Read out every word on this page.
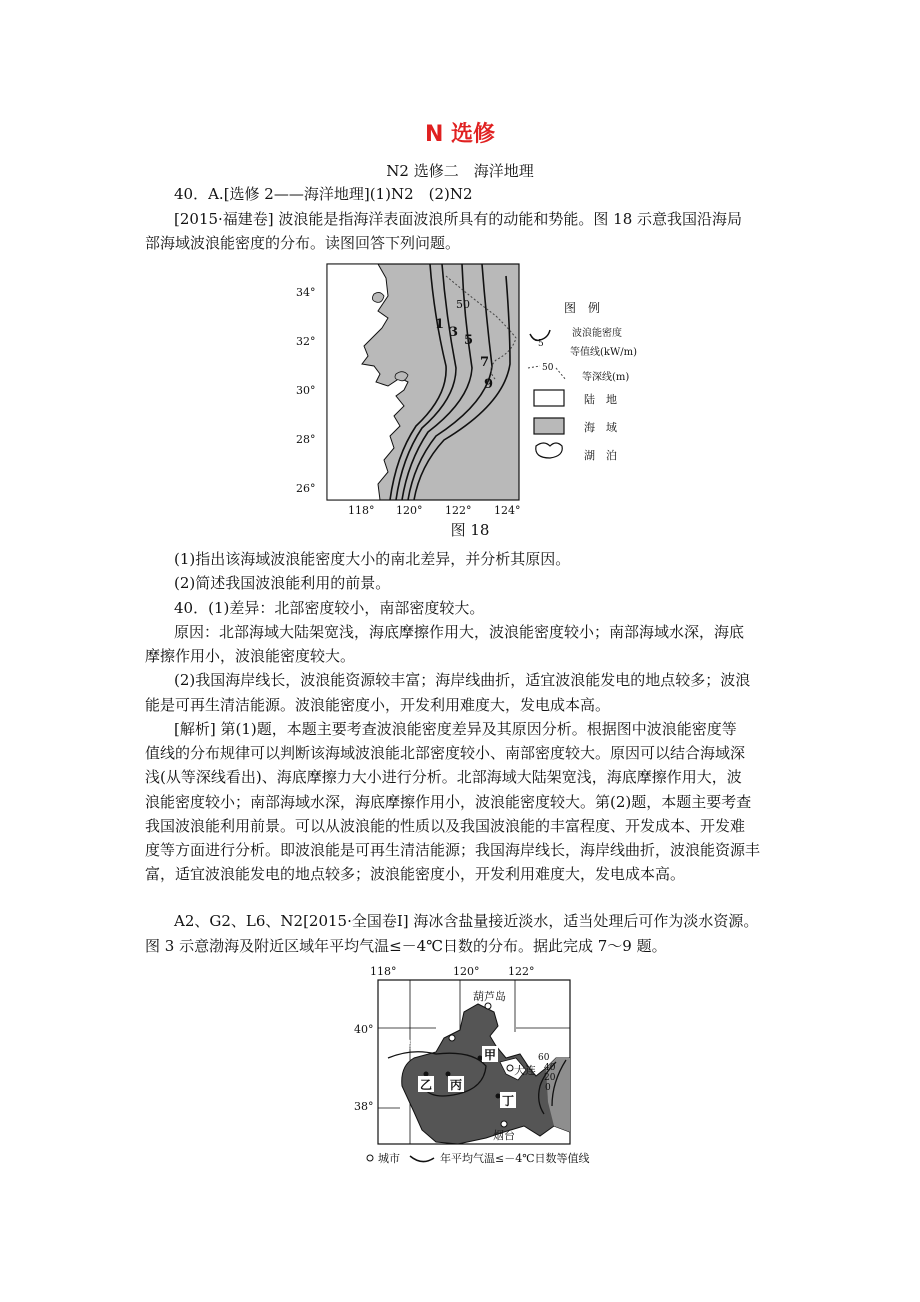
N 选修
N2 选修二　海洋地理
40．A.[选修 2——海洋地理](1)N2　(2)N2
[2015·福建卷] 波浪能是指海洋表面波浪所具有的动能和势能。图 18 示意我国沿海局
部海域波浪能密度的分布。读图回答下列问题。
34°
32°
30°
28°
26°
118° 120° 122° 124°
1
3
5
7
9
50	图　例
5
波浪能密度
等值线(kW/m)
50
等深线(m)
陆　地
海　域
湖　泊
图 18
(1)指出该海域波浪能密度大小的南北差异，并分析其原因。
(2)简述我国波浪能利用的前景。
40．(1)差异：北部密度较小，南部密度较大。
原因：北部海域大陆架宽浅，海底摩擦作用大，波浪能密度较小；南部海域水深，海底
摩擦作用小，波浪能密度较大。
(2)我国海岸线长，波浪能资源较丰富；海岸线曲折，适宜波浪能发电的地点较多；波浪
能是可再生清洁能源。波浪能密度小，开发利用难度大，发电成本高。
[解析] 第(1)题，本题主要考查波浪能密度差异及其原因分析。根据图中波浪能密度等
值线的分布规律可以判断该海域波浪能北部密度较小、南部密度较大。原因可以结合海域深
浅(从等深线看出)、海底摩擦力大小进行分析。北部海域大陆架宽浅，海底摩擦作用大，波
浪能密度较小；南部海域水深，海底摩擦作用小，波浪能密度较大。第(2)题，本题主要考查
我国波浪能利用前景。可以从波浪能的性质以及我国波浪能的丰富程度、开发成本、开发难
度等方面进行分析。即波浪能是可再生清洁能源；我国海岸线长，海岸线曲折，波浪能资源丰
富，适宜波浪能发电的地点较多；波浪能密度小，开发利用难度大，发电成本高。
A2、G2、L6、N2[2015·全国卷Ⅰ] 海冰含盐量接近淡水，适当处理后可作为淡水资源。
图 3 示意渤海及附近区域年平均气温≤－4℃日数的分布。据此完成 7～9 题。
118°	120°	122°
40°
38°
葫芦岛
秦皇岛
大连
烟台
甲
乙 丙
丁
60
40
20
0
城市	年平均气温≤－4℃日数等值线
